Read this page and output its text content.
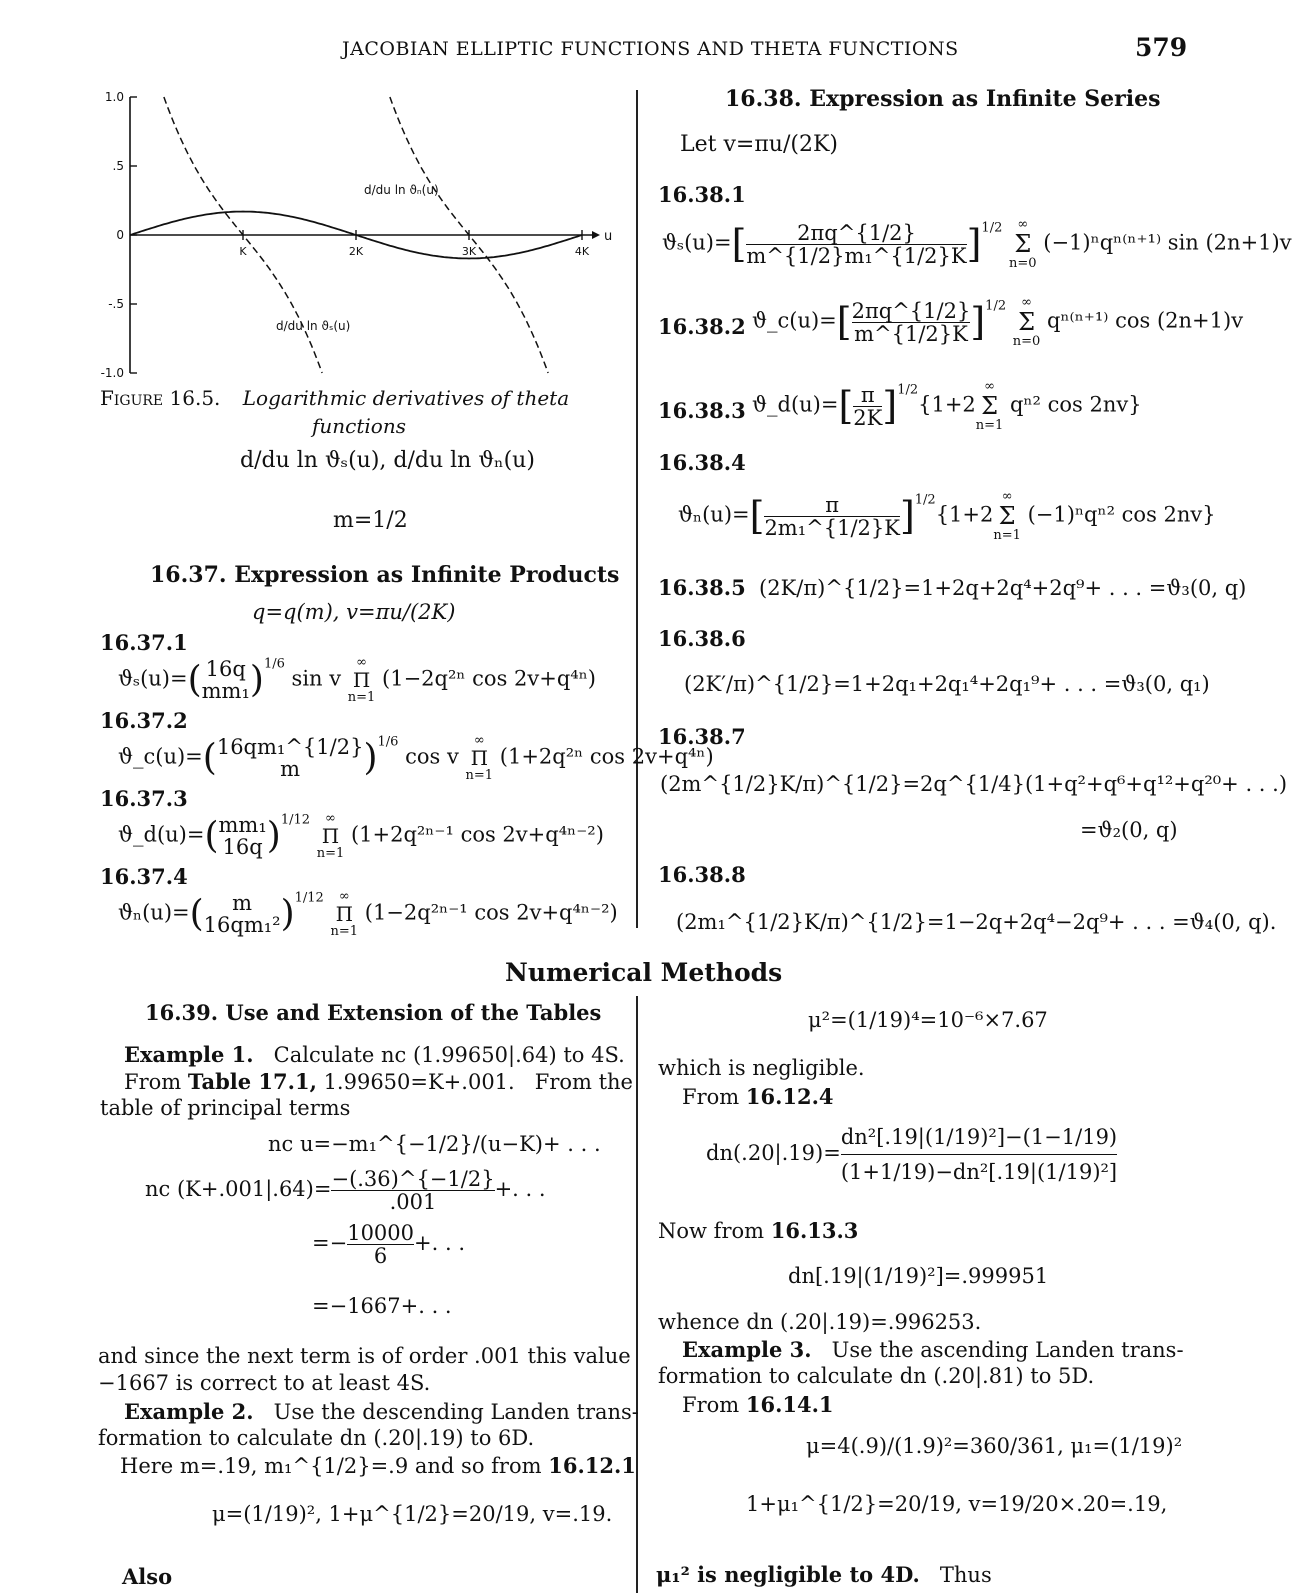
JACOBIAN ELLIPTIC FUNCTIONS AND THETA FUNCTIONS	579
1.0
.5
0
-.5
-1.0
K	2K	3K	4K
u
d/du ln ϑₙ(u)
d/du ln ϑₛ(u)
Figure 16.5. Logarithmic derivatives of theta
functions
d/du ln ϑₛ(u), d/du ln ϑₙ(u)
m=1/2
16.37. Expression as Infinite Products
q=q(m), v=πu/(2K)
16.37.1
ϑₛ(u)=( 16q
mm₁ )$^{1/6}$ sin v
∞
Π
n=1
(1−2q²ⁿ cos 2v+q⁴ⁿ)
16.37.2
ϑ_c(u)=( 16qm₁^{1/2}
m	)$^{1/6}$ cos v
∞
Π
n=1
(1+2q²ⁿ cos 2v+q⁴ⁿ)
16.37.3
ϑ_d(u)=( mm₁
16q )$^{1/12}$	∞
Π
n=1
(1+2q²ⁿ⁻¹ cos 2v+q⁴ⁿ⁻²)
16.37.4
ϑₙ(u)=(	m
16qm₁² )$^{1/12}$	∞
Π
n=1
(1−2q²ⁿ⁻¹ cos 2v+q⁴ⁿ⁻²)
16.38. Expression as Infinite Series
Let v=πu/(2K)
16.38.1
$ϑ_s(u)=[ \frac{2\pi q\^{}\{1/2\}}{\text{m\textasciicircum{}\{1/2\}m₁\textasciicircum{}\{1/2\}K}} ]^{1/2}$	∞
Σ
n=0
(−1)ⁿqⁿ⁽ⁿ⁺¹⁾ sin (2n+1)v
16.38.2 ϑ_c(u)=[ $\frac{2\pi q\^{}\{1/2\}}{m\^{}\{1/2\}K} ]^{1/2}$	∞
Σ
n=0
qⁿ⁽ⁿ⁺¹⁾ cos (2n+1)v
16.38.3 ϑ_d(u)=[ $\frac{\pi}{2K} ]^{1/2}\{1+2$
∞
Σ
n=1
qⁿ² cos 2nv}
16.38.4
$ϑ_n(u)=[ \frac{\pi}{\text{2m₁\textasciicircum{}\{1/2\}K}} ]^{1/2}\{1+2$
∞
Σ
n=1
(−1)ⁿqⁿ² cos 2nv}
16.38.5 (2K/π)^{1/2}=1+2q+2q⁴+2q⁹+ . . . =ϑ₃(0, q)
16.38.6
(2K′/π)^{1/2}=1+2q₁+2q₁⁴+2q₁⁹+ . . . =ϑ₃(0, q₁)
16.38.7
(2m^{1/2}K/π)^{1/2}=2q^{1/4}(1+q²+q⁶+q¹²+q²⁰+ . . .)
=ϑ₂(0, q)
16.38.8
(2m₁^{1/2}K/π)^{1/2}=1−2q+2q⁴−2q⁹+ . . . =ϑ₄(0, q).
Numerical Methods
16.39. Use and Extension of the Tables
Example 1. Calculate nc (1.99650|.64) to 4S.
From Table 17.1, 1.99650=K+.001. From the
table of principal terms
nc u=−m₁^{−1/2}/(u−K)+ . . .
nc $(K+.001|.64)= \frac{-(.36)\^{}\{-1/2\}}{.001}$ +. . .
=− $\frac{10000}{6}$ +. . .
=−1667+. . .
and since the next term is of order .001 this value
−1667 is correct to at least 4S.
Example 2. Use the descending Landen trans-
formation to calculate dn (.20|.19) to 6D.
Here m=.19, m₁^{1/2}=.9 and so from 16.12.1
μ=(1/19)², 1+μ^{1/2}=20/19, v=.19.
Also
μ²=(1/19)⁴=10⁻⁶×7.67
which is negligible.
From 16.12.4
$dn(.20|.19)= \frac{\text{dn²[.19|(1/19)²]−(1−1/19)}}{\text{(1+1/19)−dn²[.19|(1/19)²]}}$
Now from 16.13.3
dn[.19|(1/19)²]=.999951
whence dn (.20|.19)=.996253.
Example 3. Use the ascending Landen trans-
formation to calculate dn (.20|.81) to 5D.
From 16.14.1
μ=4(.9)/(1.9)²=360/361, μ₁=(1/19)²
1+μ₁^{1/2}=20/19, v=19/20×.20=.19,
μ₁² is negligible to 4D. Thus
